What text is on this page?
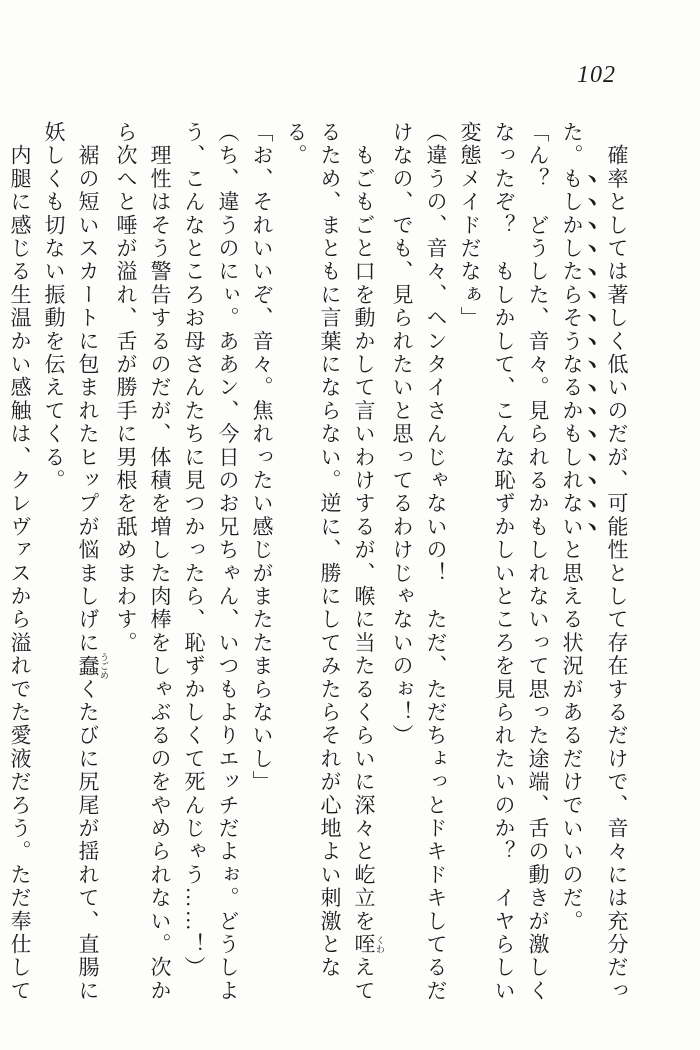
102

　確率としては著しく低いのだが、可能性として存在するだけで、音々には充分だっ

た。もしかしたらそうなるかもしれないと思える状況があるだけでいいのだ。

「ん？　どうした、音々。見られるかもしれないって思った途端、舌の動きが激しく

なったぞ？　もしかして、こんな恥ずかしいところを見られたいのか？　イヤらしい

変態メイドだなぁ」

（違うの、音々、ヘンタイさんじゃないの！　ただ、ただちょっとドキドキしてるだ

けなの、でも、見られたいと思ってるわけじゃないのぉ！）

　もごもごと口を動かして言いわけするが、喉に当たるくらいに深々と屹立を咥 くわえて

るため、まともに言葉にならない。逆に、勝にしてみたらそれが心地よい刺激となる。

「お、それいいぞ、音々。焦れったい感じがまたたまらないし」

（ち、違うのにぃ。ああン、今日のお兄ちゃん、いつもよりエッチだよぉ。どうしよ

う、こんなところお母さんたちに見つかったら、恥ずかしくて死んじゃう……！）

　理性はそう警告するのだが、体積を増した肉棒をしゃぶるのをやめられない。次か

ら次へと唾が溢れ、舌が勝手に男根を舐めまわす。

　裾の短いスカートに包まれたヒップが悩ましげに蠢 うごめくたびに尻尾が揺れて、直腸に

妖しくも切ない振動を伝えてくる。

　内腿に感じる生温かい感触は、クレヴァスから溢れでた愛液だろう。ただ奉仕して
